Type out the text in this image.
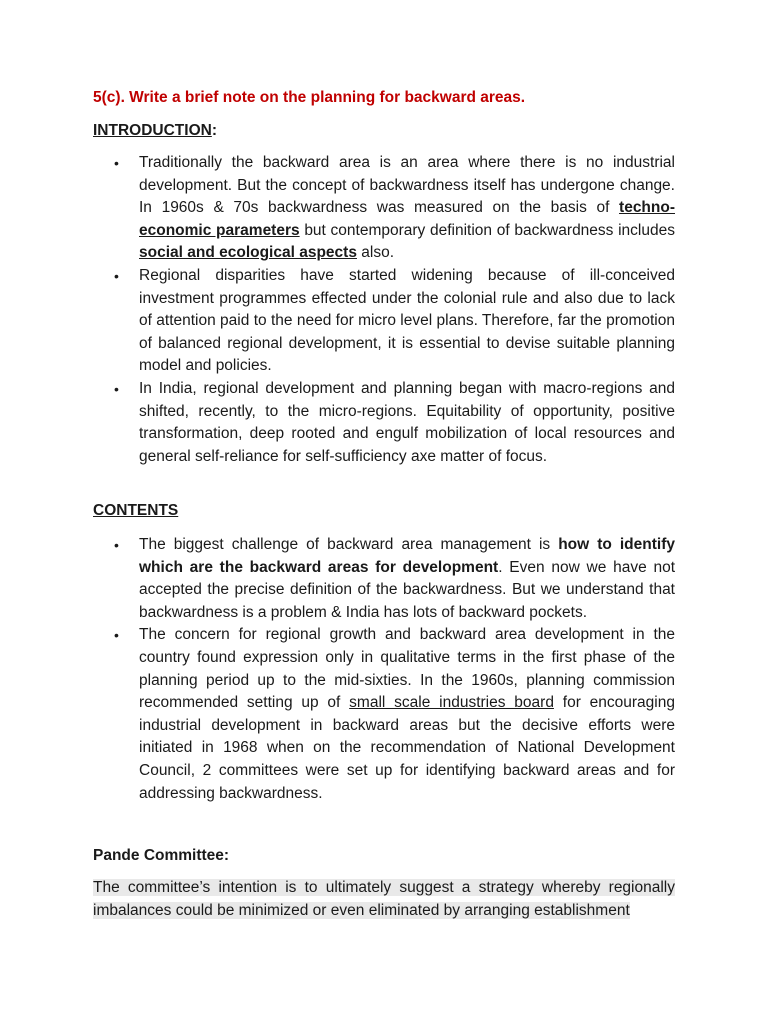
5(c). Write a brief note on the planning for backward areas.
INTRODUCTION:
• Traditionally the backward area is an area where there is no industrial development. But the concept of backwardness itself has undergone change. In 1960s & 70s backwardness was measured on the basis of techno-economic parameters but contemporary definition of backwardness includes social and ecological aspects also.
• Regional disparities have started widening because of ill-conceived investment programmes effected under the colonial rule and also due to lack of attention paid to the need for micro level plans. Therefore, far the promotion of balanced regional development, it is essential to devise suitable planning model and policies.
• In India, regional development and planning began with macro-regions and shifted, recently, to the micro-regions. Equitability of opportunity, positive transformation, deep rooted and engulf mobilization of local resources and general self-reliance for self-sufficiency axe matter of focus.
CONTENTS
• The biggest challenge of backward area management is how to identify which are the backward areas for development. Even now we have not accepted the precise definition of the backwardness. But we understand that backwardness is a problem & India has lots of backward pockets.
• The concern for regional growth and backward area development in the country found expression only in qualitative terms in the first phase of the planning period up to the mid-sixties. In the 1960s, planning commission recommended setting up of small scale industries board for encouraging industrial development in backward areas but the decisive efforts were initiated in 1968 when on the recommendation of National Development Council, 2 committees were set up for identifying backward areas and for addressing backwardness.
Pande Committee:
The committee’s intention is to ultimately suggest a strategy whereby regionally imbalances could be minimized or even eliminated by arranging establishment
